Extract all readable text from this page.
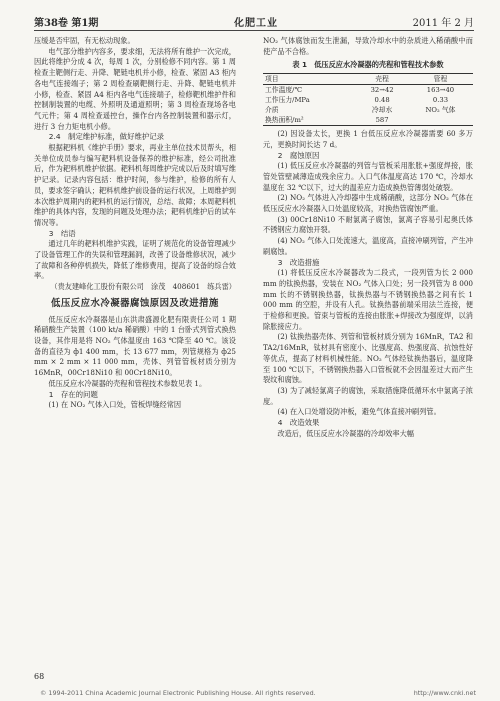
第38卷 第1期	化肥工业	2011 年 2 月

压缓是否牢固，有无松动现象。

电气部分维护内容多，要求细，无法将所有维护一次完成，因此将维护分成 4 次，每周 1 次，分别检修不同内容。第 1 周检查主靶侧行走、升降、靶链电机并小修，检查、紧固 A3 柜内各电气连接端子；第 2 周检查刷靶侧行走、升降、靶链电机并小修，检查、紧固 A4 柜内各电气连接端子，检修靶机维护件和控制制装置的电缆、外照明及通道照明；第 3 周检查现场各电气元件；第 4 周检查遥控台，操作台内各控制装置和器示灯，进行 3 台力矩电机小修。

2.4　制定维护标准，做好维护记录

根据耙料机《维护手册》要求，再业主单位技术员帮头，相关单位成员参与编写耙料机设备保养的维护标准，经公司批准后，作为耙料机维护依据。耙料机每周维护完成以后及时填写维护记录。记录内容包括：维护时间，参与维护，检修的所有人员，要求签字确认；耙料机维护前设备的运行状况，上周维护到本次维护周期内的耙料机的运行情况，总结、故障；本周耙料机维护的具体内容，发现的问题及处理办法；耙料机维护后的试车情况等。

3　结语

通过几年的耙料机维护实践，证明了规范化的设备管理减少了设备管理工作的失误和管理漏洞，改善了设备维修状况，减少了故障和各种停机损失，降低了维修费用，提高了设备的综合效率。

（贵友建峰化工股份有限公司　涂茂　408601　练兵雷）

低压反应水冷凝器腐蚀原因及改进措施

低压反应水冷凝器是山东洪肃盛源化肥有限责任公司 1 期稀硝酸生产装置（100 kt/a 稀硝酸）中的 1 台卧式列管式换热设备，其作用是将 NO₂ 气体温度由 163 ℃降至 40 ℃。该设备的直径为 ф1 400 mm，长 13 677 mm，列管规格为 ф25 mm × 2 mm × 11 000 mm，壳体、列管管板材质分别为 16MnR，00Cr18Ni10 和 00Cr18Ni10。

低压反应水冷凝器的壳程和管程技术参数见表 1。

1　存在的问题

(1) 在 NO₂ 气体入口处，管板焊缝经常因

NO₂ 气体腐蚀而发生泄漏，导致冷却水中的杂质进入稀硝酸中而使产品不合格。

表 1　低压反应水冷凝器的壳程和管程技术参数
项目	壳程	管程
工作温度/℃	32→42	163→40
工作压力/MPa	0.48	0.33
介质	冷却水	NO₂ 气体
换热面积/m²	587	

(2) 因设备太长，更换 1 台低压反应水冷凝器需要 60 多万元，更换时间长达 7 d。

2　腐蚀原因

(1) 低压反应水冷凝器的列管与管板采用胀胀+强度焊接，胀管处管壁减薄造成残余应力。入口气体温度高达 170 ℃，冷却水温度在 32 ℃以下，过大的温差应力造成换热管薄弱处破裂。

(2) NO₂ 气体进入冷却器中生成稀硝酸，这部分 NO₂ 气体在低压反应水冷凝器入口处温度较高，对换热管腐蚀严重。

(3) 00Cr18Ni10 不耐氯离子腐蚀，氯离子容易引起奥氏体不锈钢应力腐蚀开裂。

(4) NO₂ 气体入口处流速大，温度高，直接冲刷列管，产生冲刷腐蚀。

3　改造措施

(1) 将低压反应水冷凝器改为二段式，一段列管为长 2 000 mm 的钛换热器，安装在 NO₂ 气体入口处；另一段列管为 8 000 mm 长的不锈钢换热器，钛换热器与不锈钢换热器之间有长 1 000 mm 的空腔，并设有人孔。钛换热器前端采用法兰连接，便于检修和更换。管束与管板的连接由胀胀+焊接改为强度焊，以消除胀接应力。

(2) 钛换热器壳体、列管和管板材质分别为 16MnR，TA2 和 TA2/16MnR，钛材具有密度小、比强度高、热强度高、抗蚀性好等优点，提高了材料机械性能。NO₂ 气体经钛换热器后，温度降至 100 ℃以下，不锈钢换热器入口管板就不会因温差过大而产生裂纹和腐蚀。

(3) 为了减轻氯离子的腐蚀，采取措施降低循环水中氯离子浓度。

(4) 在入口处增设防冲板，避免气体直接冲刷列管。

4　改造效果

改造后，低压反应水冷凝器的冷却效率大幅

68
© 1994-2011 China Academic Journal Electronic Publishing House. All rights reserved.	http://www.cnki.net
